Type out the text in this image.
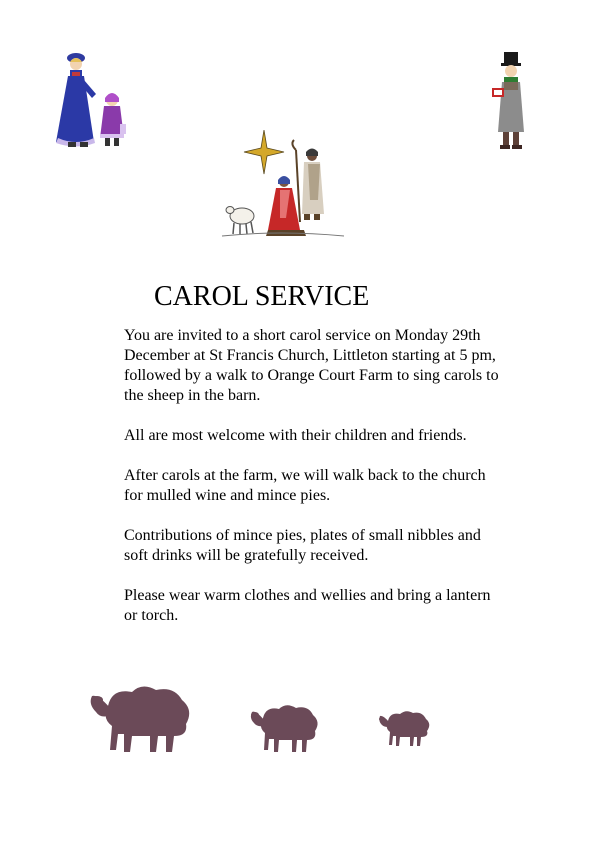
CAROL SERVICE

You are invited to a short carol service on Monday 29th December at St Francis Church, Littleton starting at 5 pm, followed by a walk to Orange Court Farm to sing carols to the sheep in the barn.

All are most welcome with their children and friends.

After carols at the farm, we will walk back to the church for mulled wine and mince pies.

Contributions of mince pies, plates of small nibbles and soft drinks will be gratefully received.

Please wear warm clothes and wellies and bring a lantern or torch.
